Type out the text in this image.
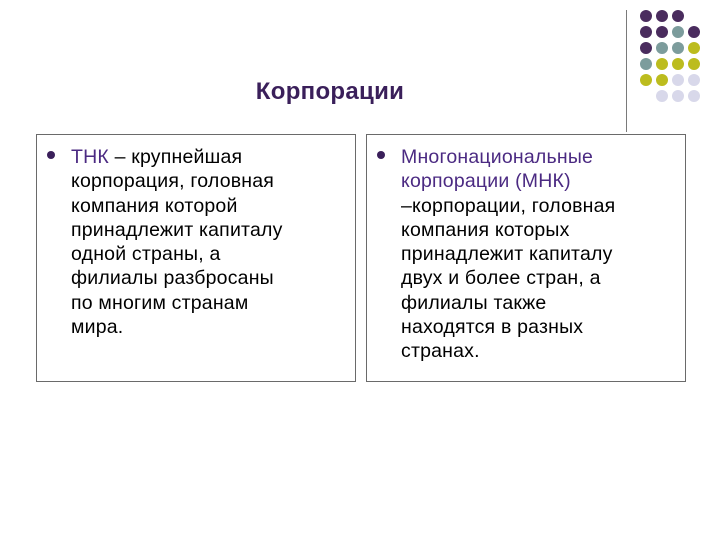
Корпорации
ТНК – крупнейшая
корпорация, головная
компания которой
принадлежит капиталу
одной страны, а
филиалы разбросаны
по многим странам
мира.
Многонациональные
корпорации (МНК)
–корпорации, головная
компания которых
принадлежит капиталу
двух и более стран, а
филиалы также
находятся в разных
странах.
